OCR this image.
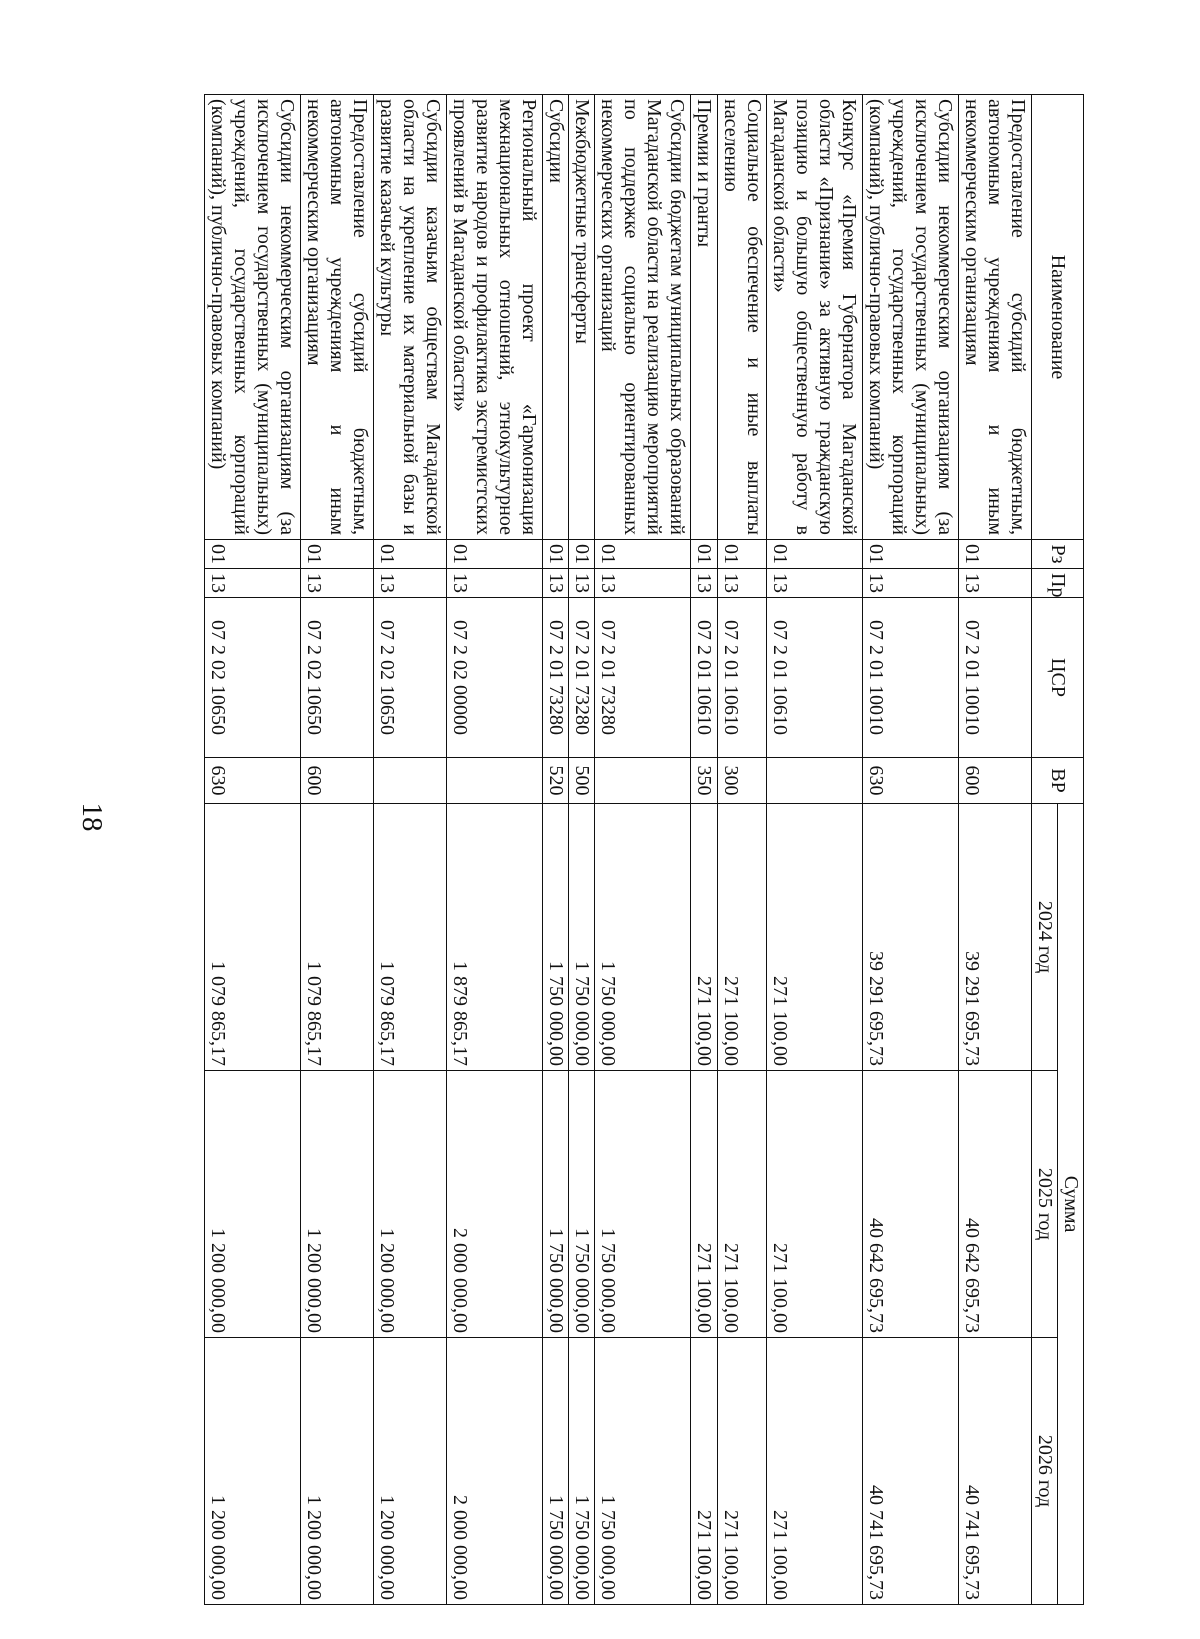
18
Наименование	Рз	Пр	ЦСР	ВР	Сумма		
					2024 год	2025 год	2026 год
Предоставление субсидий бюджетным, автономным учреждениям и иным некоммерческим организациям	01	13	07 2 01 10010	600	39 291 695,73	40 642 695,73	40 741 695,73
Субсидии некоммерческим организациям (за исключением государственных (муниципальных) учреждений, государственных корпораций (компаний), публично-правовых компаний)	01	13	07 2 01 10010	630	39 291 695,73	40 642 695,73	40 741 695,73
Конкурс «Премия Губернатора Магаданской области «Признание» за активную гражданскую позицию и большую общественную работу в Магаданской области»	01	13	07 2 01 10610		271 100,00	271 100,00	271 100,00
Социальное обеспечение и иные выплаты населению	01	13	07 2 01 10610	300	271 100,00	271 100,00	271 100,00
Премии и гранты	01	13	07 2 01 10610	350	271 100,00	271 100,00	271 100,00
Субсидии бюджетам муниципальных образований Магаданской области на реализацию мероприятий по поддержке социально ориентированных некоммерческих организаций	01	13	07 2 01 73280		1 750 000,00	1 750 000,00	1 750 000,00
Межбюджетные трансферты	01	13	07 2 01 73280	500	1 750 000,00	1 750 000,00	1 750 000,00
Субсидии	01	13	07 2 01 73280	520	1 750 000,00	1 750 000,00	1 750 000,00
Региональный проект «Гармонизация межнациональных отношений, этнокультурное развитие народов и профилактика экстремистских проявлений в Магаданской области»	01	13	07 2 02 00000		1 879 865,17	2 000 000,00	2 000 000,00
Субсидии казачьим обществам Магаданской области на укрепление их материальной базы и развитие казачьей культуры	01	13	07 2 02 10650		1 079 865,17	1 200 000,00	1 200 000,00
Предоставление субсидий бюджетным, автономным учреждениям и иным некоммерческим организациям	01	13	07 2 02 10650	600	1 079 865,17	1 200 000,00	1 200 000,00
Субсидии некоммерческим организациям (за исключением государственных (муниципальных) учреждений, государственных корпораций (компаний), публично-правовых компаний)	01	13	07 2 02 10650	630	1 079 865,17	1 200 000,00	1 200 000,00
